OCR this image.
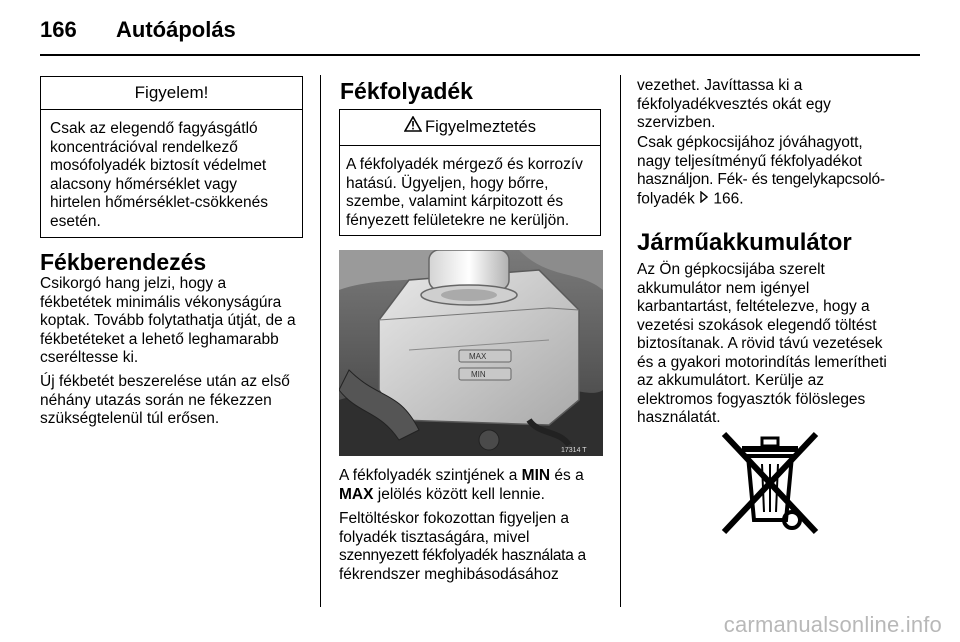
166 Autóápolás
Figyelem!
Csak az elegendő fagyásgátló
koncentrációval rendelkező
mosófolyadék biztosít védelmet
alacsony hőmérséklet vagy
hirtelen hőmérséklet-csökkenés
esetén.
Fékberendezés

Csikorgó hang jelzi, hogy a

fékbetétek minimális vékonyságúra

koptak. Tovább folytathatja útját, de a

fékbetéteket a lehető leghamarabb

cseréltesse ki.

Új fékbetét beszerelése után az első

néhány utazás során ne fékezzen

szükségtelenül túl erősen.

Fékfolyadék
Figyelmeztetés
A fékfolyadék mérgező és korrozív
hatású. Ügyeljen, hogy bőrre,
szembe, valamint kárpitozott és
fényezett felületekre ne kerüljön.
MAX
MIN
17314 T

A fékfolyadék szintjének a MIN és a
MAX jelölés között kell lennie.

Feltöltéskor fokozottan figyeljen a

folyadék tisztaságára, mivel

szennyezett fékfolyadék használata a

fékrendszer meghibásodásához

vezethet. Javíttassa ki a

fékfolyadékvesztés okát egy

szervizben.

Csak gépkocsijához jóváhagyott,

nagy teljesítményű fékfolyadékot

használjon. Fék- és tengelykapcsoló-

folyadék 166.

Járműakkumulátor

Az Ön gépkocsijába szerelt

akkumulátor nem igényel

karbantartást, feltételezve, hogy a

vezetési szokások elegendő töltést

biztosítanak. A rövid távú vezetések

és a gyakori motorindítás lemerítheti

az akkumulátort. Kerülje az

elektromos fogyasztók fölösleges

használatát.

carmanualsonline.info
